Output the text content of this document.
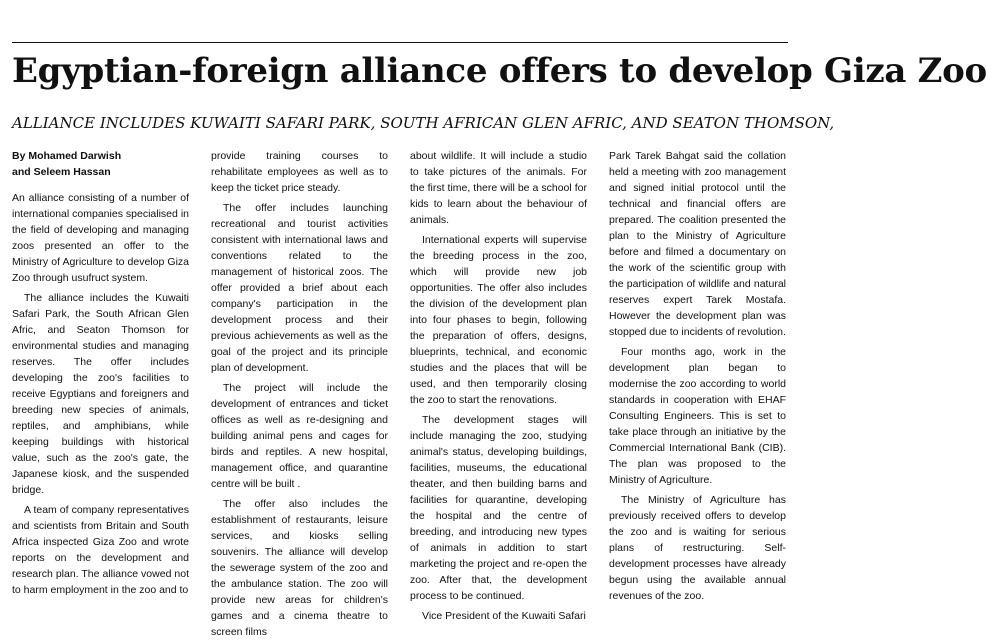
Egyptian-foreign alliance offers to develop Giza Zoo
ALLIANCE INCLUDES KUWAITI SAFARI PARK, SOUTH AFRICAN GLEN AFRIC, AND SEATON THOMSON,
By Mohamed Darwish
and Seleem Hassan

An alliance consisting of a number of international companies specialised in the field of developing and managing zoos presented an offer to the Ministry of Agriculture to develop Giza Zoo through usufruct system.

The alliance includes the Kuwaiti Safari Park, the South African Glen Afric, and Seaton Thomson for environmental studies and managing reserves. The offer includes developing the zoo's facilities to receive Egyptians and foreigners and breeding new species of animals, reptiles, and amphibians, while keeping buildings with historical value, such as the zoo's gate, the Japanese kiosk, and the suspended bridge.

A team of company representatives and scientists from Britain and South Africa inspected Giza Zoo and wrote reports on the development and research plan. The alliance vowed not to harm employment in the zoo and to

provide training courses to rehabilitate employees as well as to keep the ticket price steady.

The offer includes launching recreational and tourist activities consistent with international laws and conventions related to the management of historical zoos. The offer provided a brief about each company's participation in the development process and their previous achievements as well as the goal of the project and its principle plan of development.

The project will include the development of entrances and ticket offices as well as re-designing and building animal pens and cages for birds and reptiles. A new hospital, management office, and quarantine centre will be built .

The offer also includes the establishment of restaurants, leisure services, and kiosks selling souvenirs. The alliance will develop the sewerage system of the zoo and the ambulance station. The zoo will provide new areas for children's games and a cinema theatre to screen films

about wildlife. It will include a studio to take pictures of the animals. For the first time, there will be a school for kids to learn about the behaviour of animals.

International experts will supervise the breeding process in the zoo, which will provide new job opportunities. The offer also includes the division of the development plan into four phases to begin, following the preparation of offers, designs, blueprints, technical, and economic studies and the places that will be used, and then temporarily closing the zoo to start the renovations.

The development stages will include managing the zoo, studying animal's status, developing buildings, facilities, museums, the educational theater, and then building barns and facilities for quarantine, developing the hospital and the centre of breeding, and introducing new types of animals in addition to start marketing the project and re-open the zoo. After that, the development process to be continued.

Vice President of the Kuwaiti Safari

Park Tarek Bahgat said the collation held a meeting with zoo management and signed initial protocol until the technical and financial offers are prepared. The coalition presented the plan to the Ministry of Agriculture before and filmed a documentary on the work of the scientific group with the participation of wildlife and natural reserves expert Tarek Mostafa. However the development plan was stopped due to incidents of revolution.

Four months ago, work in the development plan began to modernise the zoo according to world standards in cooperation with EHAF Consulting Engineers. This is set to take place through an initiative by the Commercial International Bank (CIB). The plan was proposed to the Ministry of Agriculture.

The Ministry of Agriculture has previously received offers to develop the zoo and is waiting for serious plans of restructuring. Self-development processes have already begun using the available annual revenues of the zoo.
